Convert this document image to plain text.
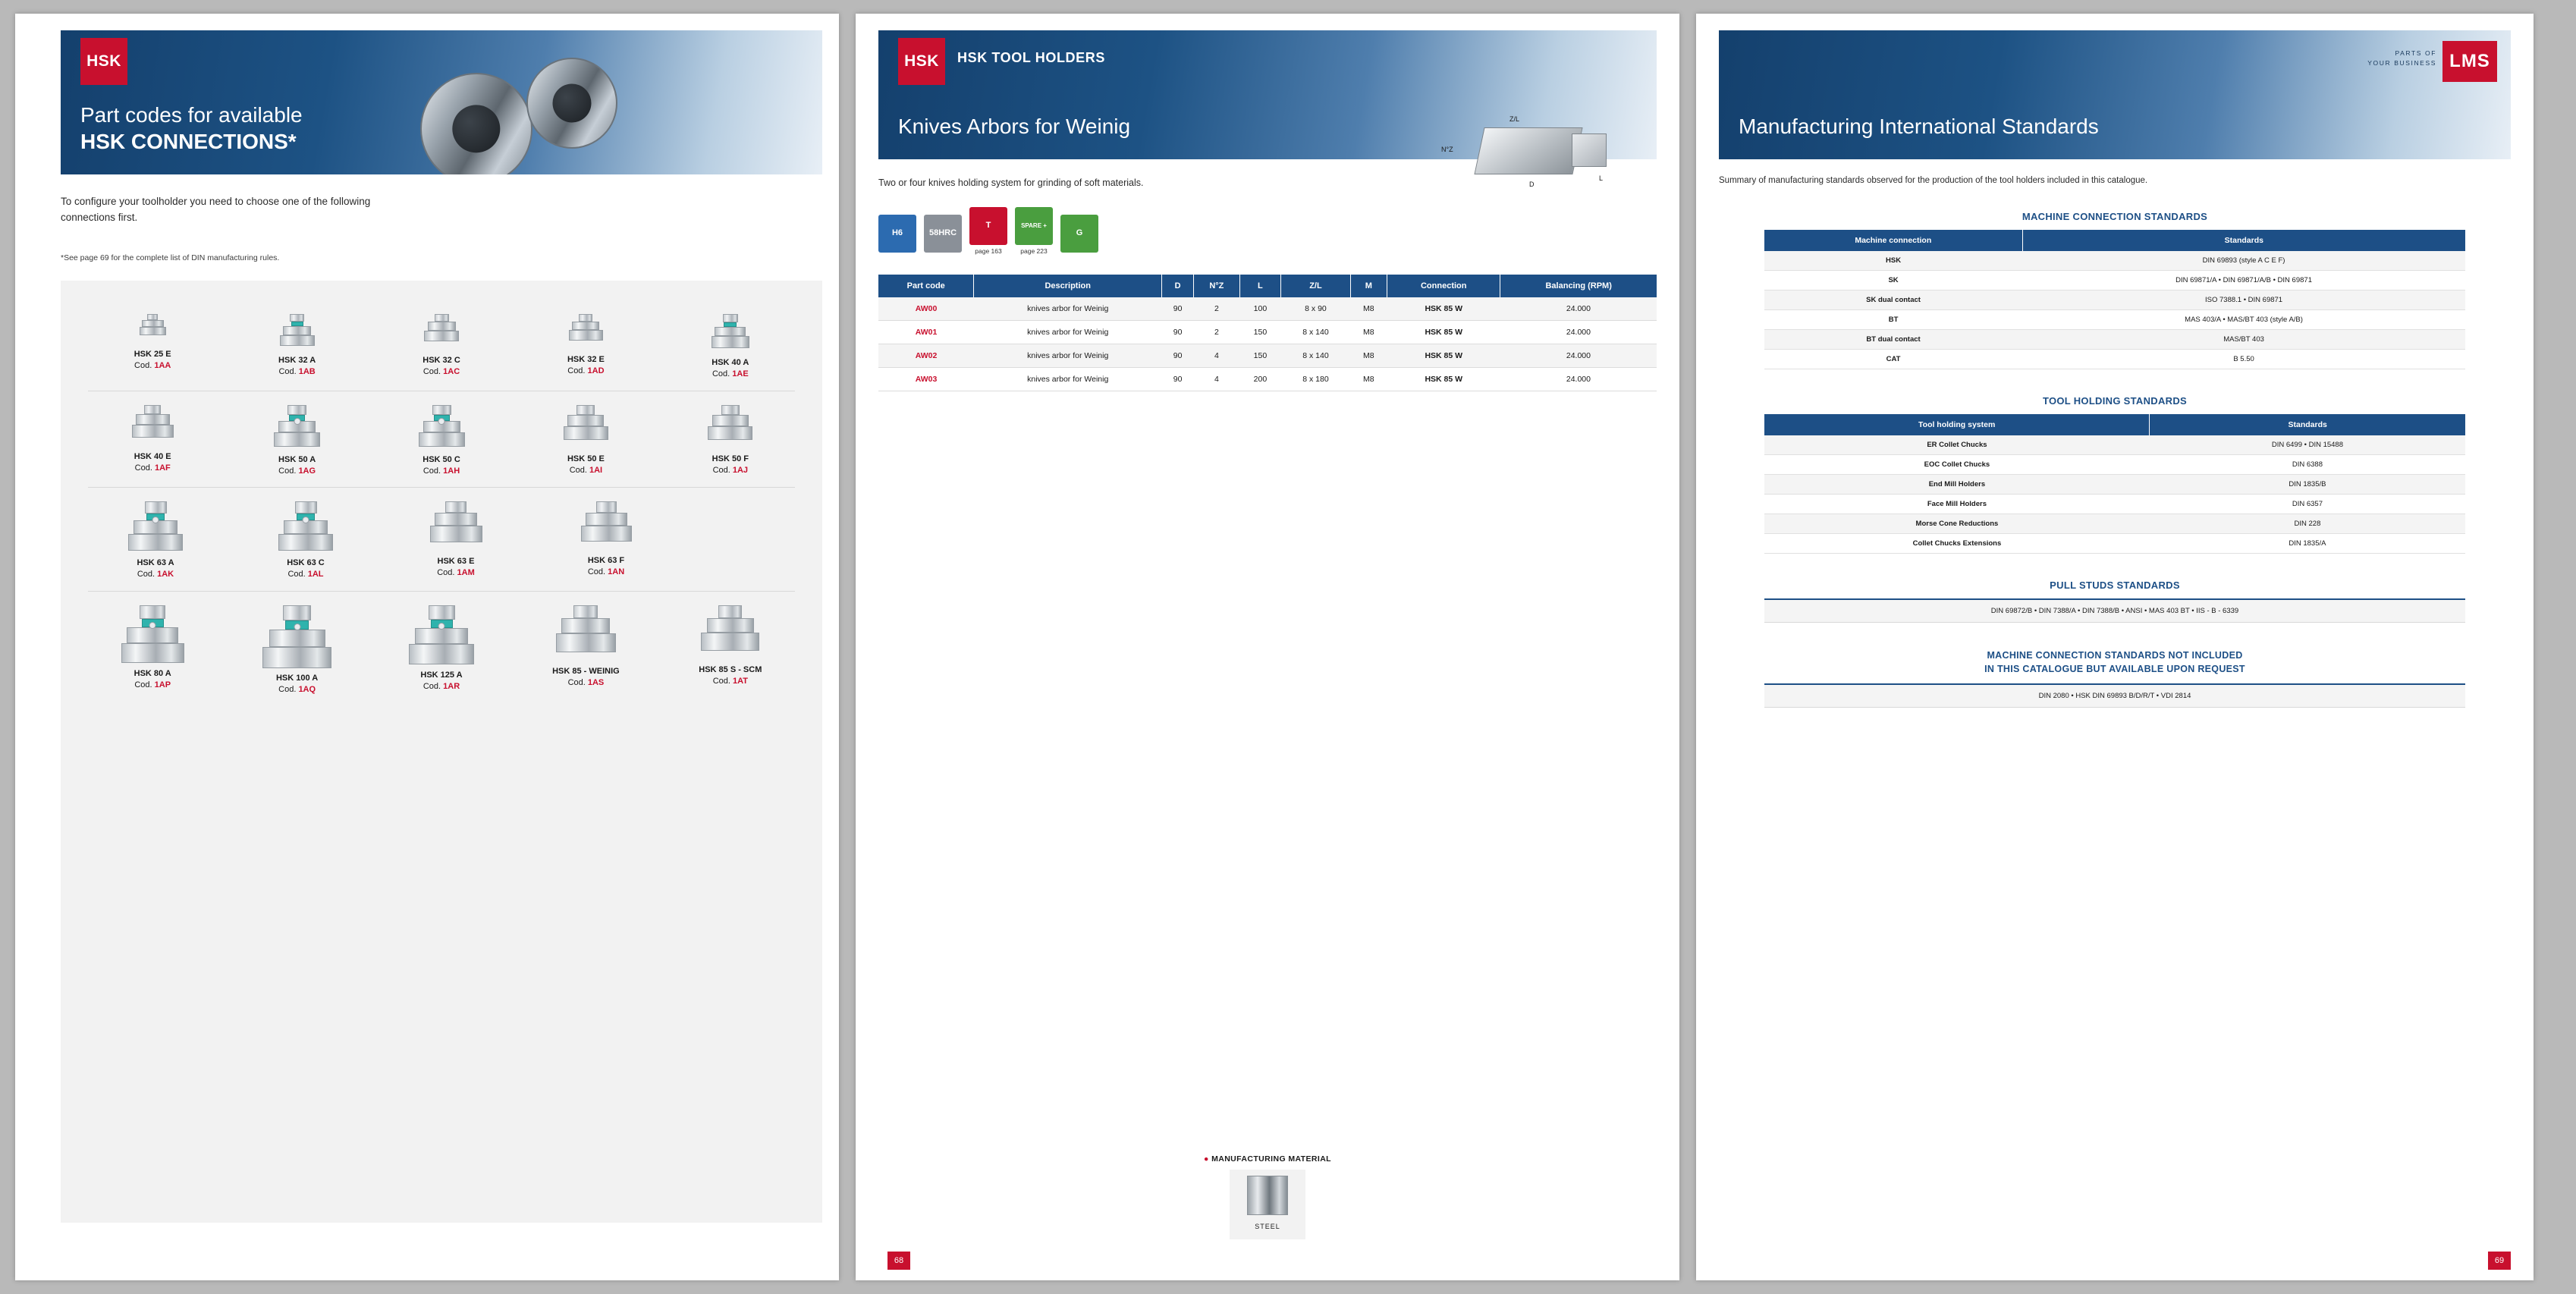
HSK
Part codes for available
HSK CONNECTIONS*
To configure your toolholder you need to choose one of the following connections first.
*See page 69 for the complete list of DIN manufacturing rules.
HSK 25 E
Cod. 1AA
HSK 32 A
Cod. 1AB
HSK 32 C
Cod. 1AC
HSK 32 E
Cod. 1AD
HSK 40 A
Cod. 1AE
HSK 40 E
Cod. 1AF
HSK 50 A
Cod. 1AG
HSK 50 C
Cod. 1AH
HSK 50 E
Cod. 1AI
HSK 50 F
Cod. 1AJ
HSK 63 A
Cod. 1AK
HSK 63 C
Cod. 1AL
HSK 63 E
Cod. 1AM
HSK 63 F
Cod. 1AN
HSK 80 A
Cod. 1AP
HSK 100 A
Cod. 1AQ
HSK 125 A
Cod. 1AR
HSK 85 - WEINIG
Cod. 1AS
HSK 85 S - SCM
Cod. 1AT
HSK	HSK TOOL HOLDERS
Knives Arbors for Weinig
Two or four knives holding system for grinding of soft materials.
H6	58HRC
T
page 163
SPARE +
page 223
G
Z/L
N°Z
D
L
Part code	Description	D	N°Z	L	Z/L	M	Connection	Balancing (RPM)
AW00	knives arbor for Weinig	90	2	100	8 x 90	M8	HSK 85 W	24.000
AW01	knives arbor for Weinig	90	2	150	8 x 140	M8	HSK 85 W	24.000
AW02	knives arbor for Weinig	90	4	150	8 x 140	M8	HSK 85 W	24.000
AW03	knives arbor for Weinig	90	4	200	8 x 180	M8	HSK 85 W	24.000
● MANUFACTURING MATERIAL
STEEL
68
PARTS OF
YOUR BUSINESS LMS
Manufacturing International Standards
Summary of manufacturing standards observed for the production of the tool holders included in this catalogue.
MACHINE CONNECTION STANDARDS
Machine connection	Standards
HSK	DIN 69893 (style A C E F)
SK	DIN 69871/A • DIN 69871/A/B • DIN 69871
SK dual contact	ISO 7388.1 • DIN 69871
BT	MAS 403/A • MAS/BT 403 (style A/B)
BT dual contact	MAS/BT 403
CAT	B 5.50
TOOL HOLDING STANDARDS
Tool holding system	Standards
ER Collet Chucks	DIN 6499 • DIN 15488
EOC Collet Chucks	DIN 6388
End Mill Holders	DIN 1835/B
Face Mill Holders	DIN 6357
Morse Cone Reductions	DIN 228
Collet Chucks Extensions	DIN 1835/A
PULL STUDS STANDARDS
DIN 69872/B • DIN 7388/A • DIN 7388/B • ANSI • MAS 403 BT • IIS - B - 6339
MACHINE CONNECTION STANDARDS NOT INCLUDED
IN THIS CATALOGUE BUT AVAILABLE UPON REQUEST
DIN 2080 • HSK DIN 69893 B/D/R/T • VDI 2814
69
